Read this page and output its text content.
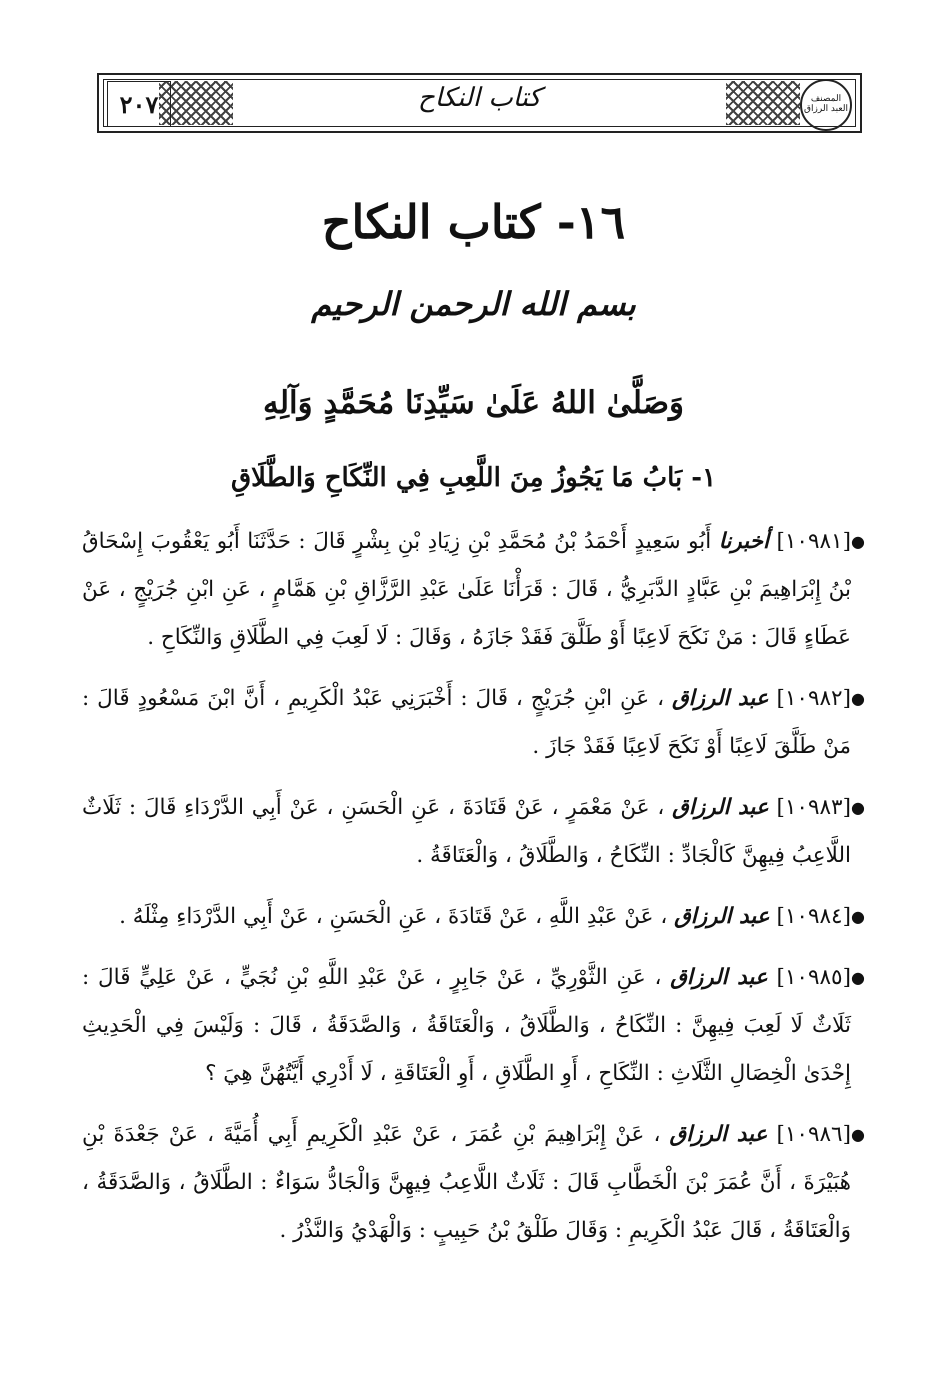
٢٠٧	كتاب النكاح	المصنف العبد الرزاق
١٦- كتاب النكاح
بسم الله الرحمن الرحيم
وَصَلَّىٰ اللهُ عَلَىٰ سَيِّدِنَا مُحَمَّدٍ وَآلِهِ
١- بَابُ مَا يَجُوزُ مِنَ اللَّعِبِ فِي النِّكَاحِ وَالطَّلَاقِ

●
[١٠٩٨١] أخبرنا أَبُو سَعِيدٍ أَحْمَدُ بْنُ مُحَمَّدِ بْنِ زِيَادِ بْنِ بِشْرٍ قَالَ : حَدَّثَنَا أَبُو يَعْقُوبَ إِسْحَاقُ بْنُ إِبْرَاهِيمَ بْنِ عَبَّادٍ الدَّبَرِيُّ ، قَالَ : قَرَأْنَا عَلَىٰ عَبْدِ الرَّزَّاقِ بْنِ هَمَّامٍ ، عَنِ ابْنِ جُرَيْجٍ ، عَنْ عَطَاءٍ قَالَ : مَنْ نَكَحَ لَاعِبًا أَوْ طَلَّقَ فَقَدْ جَازَهُ ، وَقَالَ : لَا لَعِبَ فِي الطَّلَاقِ وَالنِّكَاحِ .

●
[١٠٩٨٢] عبد الرزاق ، عَنِ ابْنِ جُرَيْجٍ ، قَالَ : أَخْبَرَنِي عَبْدُ الْكَرِيمِ ، أَنَّ ابْنَ مَسْعُودٍ قَالَ : مَنْ طَلَّقَ لَاعِبًا أَوْ نَكَحَ لَاعِبًا فَقَدْ جَازَ .

●
[١٠٩٨٣] عبد الرزاق ، عَنْ مَعْمَرٍ ، عَنْ قَتَادَةَ ، عَنِ الْحَسَنِ ، عَنْ أَبِي الدَّرْدَاءِ قَالَ : ثَلَاثٌ اللَّاعِبُ فِيهِنَّ كَالْجَادِّ : النِّكَاحُ ، وَالطَّلَاقُ ، وَالْعَتَاقَةُ .

●
[١٠٩٨٤] عبد الرزاق ، عَنْ عَبْدِ اللَّهِ ، عَنْ قَتَادَةَ ، عَنِ الْحَسَنِ ، عَنْ أَبِي الدَّرْدَاءِ مِثْلَهُ .

●
[١٠٩٨٥] عبد الرزاق ، عَنِ الثَّوْرِيِّ ، عَنْ جَابِرٍ ، عَنْ عَبْدِ اللَّهِ بْنِ نُجَيٍّ ، عَنْ عَلِيٍّ قَالَ : ثَلَاثٌ لَا لَعِبَ فِيهِنَّ : النِّكَاحُ ، وَالطَّلَاقُ ، وَالْعَتَاقَةُ ، وَالصَّدَقَةُ ، قَالَ : وَلَيْسَ فِي الْحَدِيثِ إِحْدَىٰ الْخِصَالِ الثَّلَاثِ : النِّكَاحِ ، أَوِ الطَّلَاقِ ، أَوِ الْعَتَاقَةِ ، لَا أَدْرِي أَيَّتُهُنَّ هِيَ ؟

●
[١٠٩٨٦] عبد الرزاق ، عَنْ إِبْرَاهِيمَ بْنِ عُمَرَ ، عَنْ عَبْدِ الْكَرِيمِ أَبِي أُمَيَّةَ ، عَنْ جَعْدَةَ بْنِ هُبَيْرَةَ ، أَنَّ عُمَرَ بْنَ الْخَطَّابِ قَالَ : ثَلَاثٌ اللَّاعِبُ فِيهِنَّ وَالْجَادُّ سَوَاءٌ : الطَّلَاقُ ، وَالصَّدَقَةُ ، وَالْعَتَاقَةُ ، قَالَ عَبْدُ الْكَرِيمِ : وَقَالَ طَلْقُ بْنُ حَبِيبٍ : وَالْهَدْيُ وَالنَّذْرُ .
